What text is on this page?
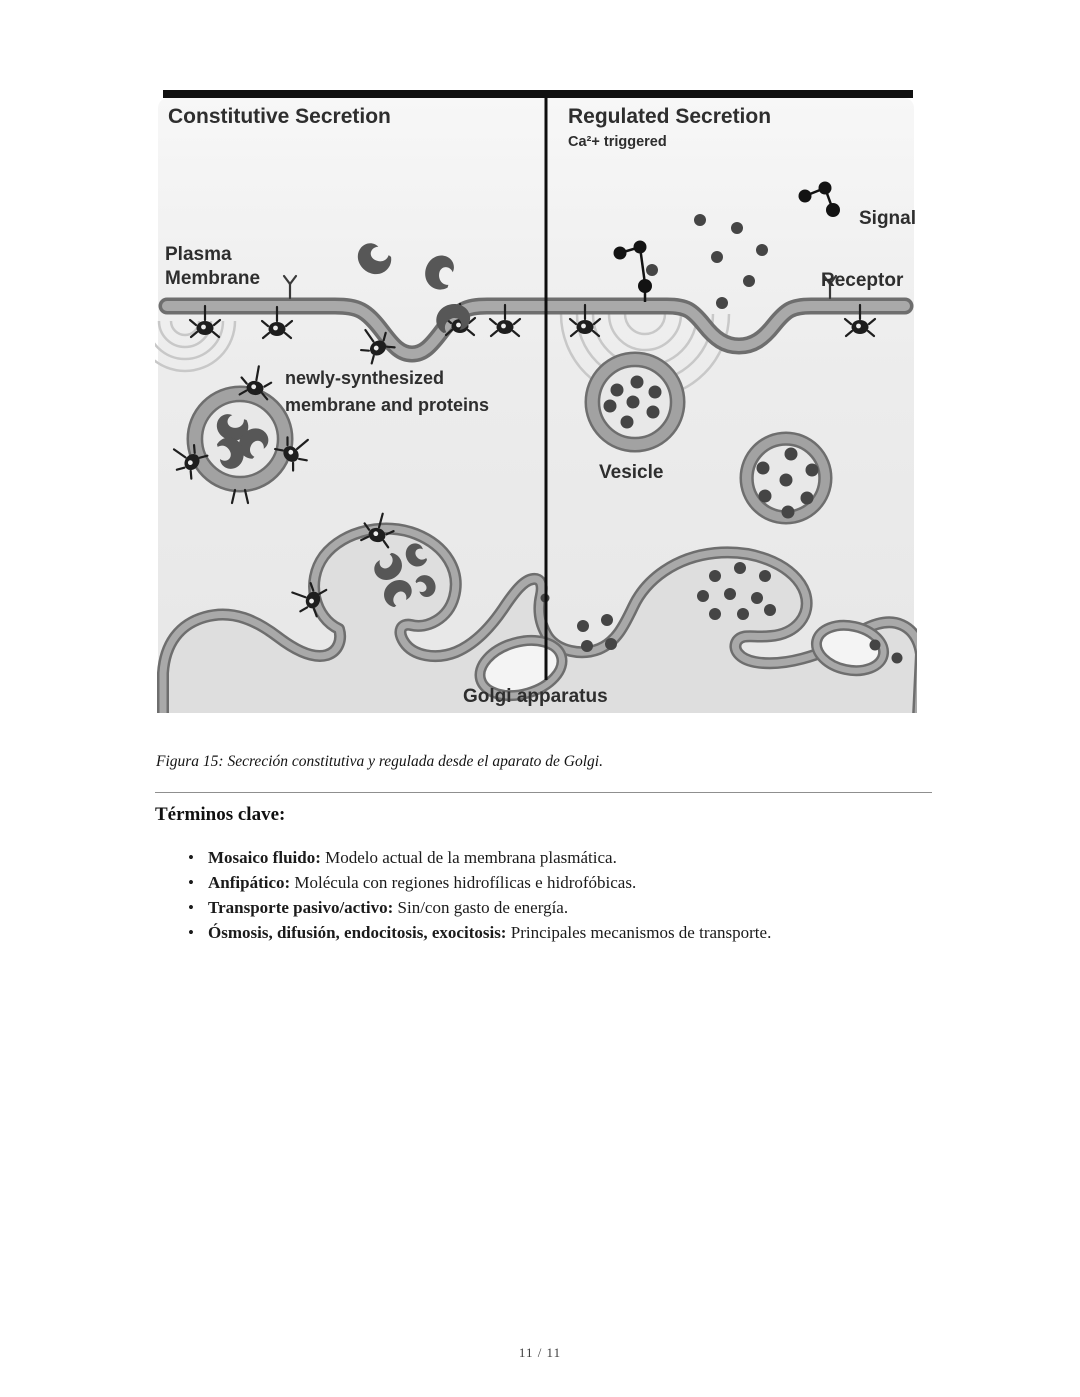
Constitutive Secretion	Regulated Secretion
Ca²+ triggered
Signal
Receptor
Plasma
Membrane
newly-synthesized
membrane and proteins
Vesicle
Golgi apparatus

Figura 15: Secreción constitutiva y regulada desde el aparato de Golgi.

Términos clave:
• Mosaico fluido: Modelo actual de la membrana plasmática.
• Anfipático: Molécula con regiones hidrofílicas e hidrofóbicas.
• Transporte pasivo/activo: Sin/con gasto de energía.
• Ósmosis, difusión, endocitosis, exocitosis: Principales mecanismos de transporte.
11 / 11
